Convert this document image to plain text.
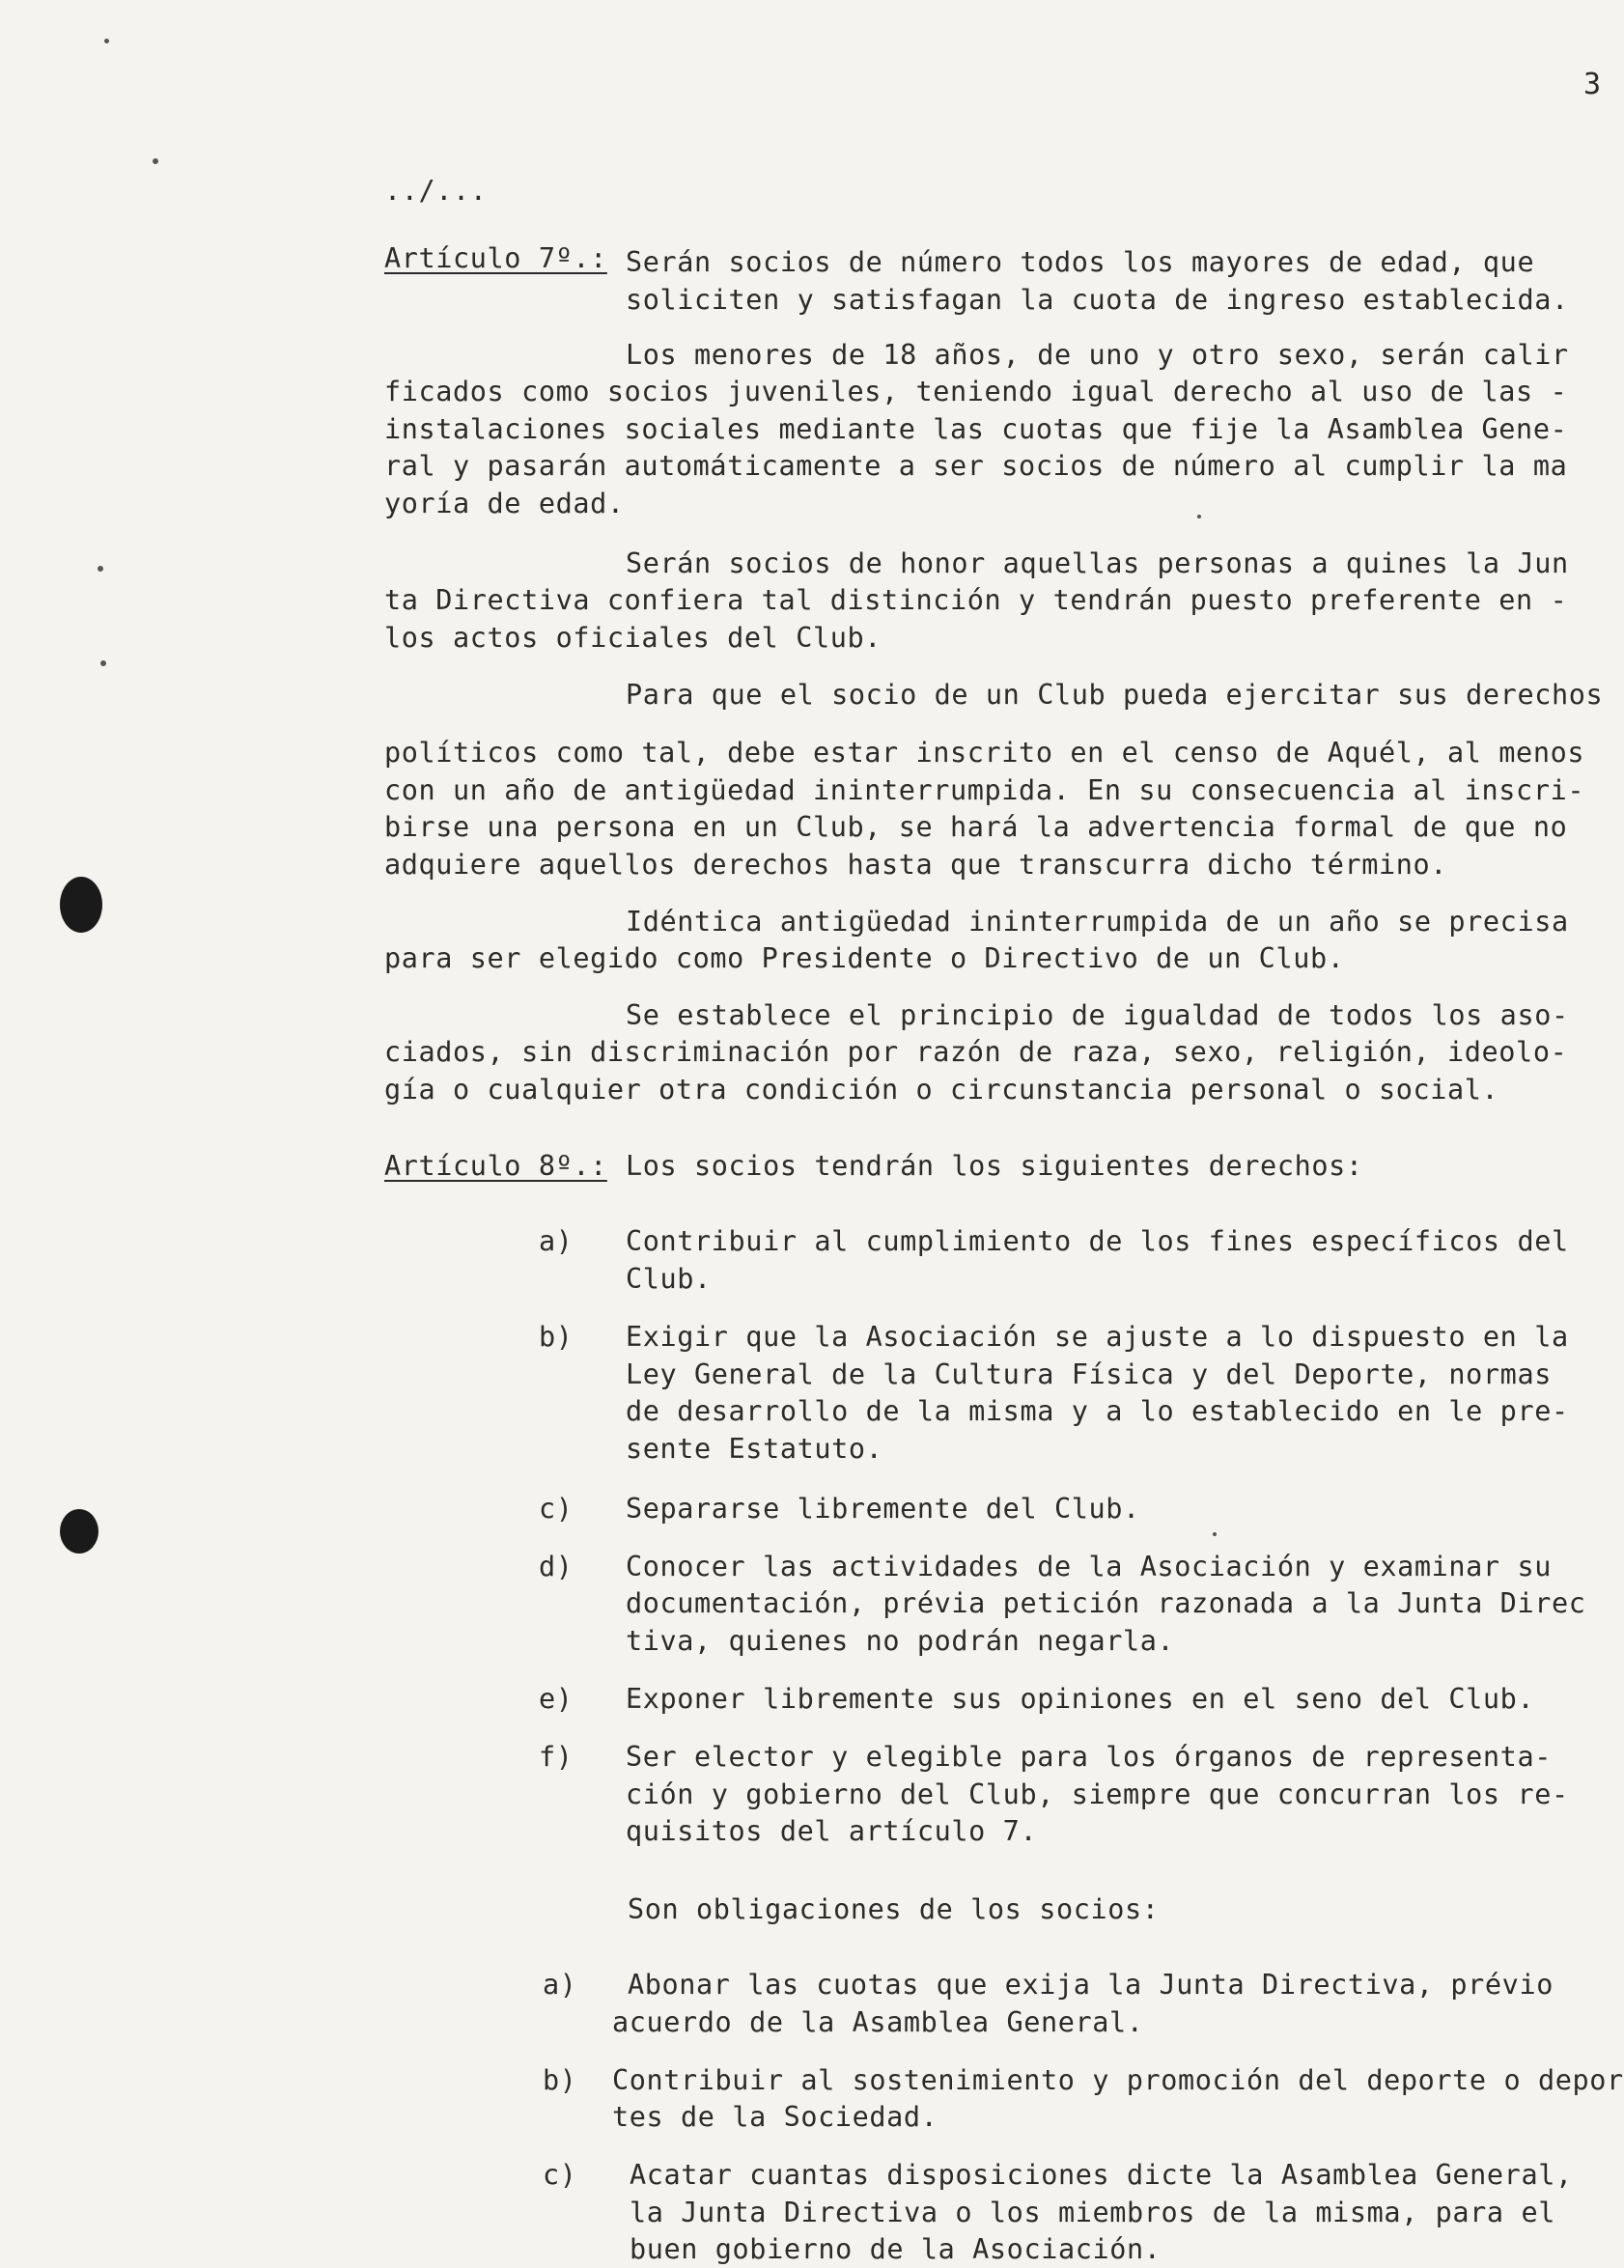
3
../...
Artículo 7º.: Serán socios de número todos los mayores de edad, que
soliciten y satisfagan la cuota de ingreso establecida.
Los menores de 18 años, de uno y otro sexo, serán calir
ficados como socios juveniles, teniendo igual derecho al uso de las -
instalaciones sociales mediante las cuotas que fije la Asamblea Gene-
ral y pasarán automáticamente a ser socios de número al cumplir la ma
yoría de edad.
Serán socios de honor aquellas personas a quines la Jun
ta Directiva confiera tal distinción y tendrán puesto preferente en -
los actos oficiales del Club.
Para que el socio de un Club pueda ejercitar sus derechos
políticos como tal, debe estar inscrito en el censo de Aquél, al menos
con un año de antigüedad ininterrumpida. En su consecuencia al inscri-
birse una persona en un Club, se hará la advertencia formal de que no
adquiere aquellos derechos hasta que transcurra dicho término.
Idéntica antigüedad ininterrumpida de un año se precisa
para ser elegido como Presidente o Directivo de un Club.
Se establece el principio de igualdad de todos los aso-
ciados, sin discriminación por razón de raza, sexo, religión, ideolo-
gía o cualquier otra condición o circunstancia personal o social.
Artículo 8º.: Los socios tendrán los siguientes derechos:
a) Contribuir al cumplimiento de los fines específicos del
Club.
b) Exigir que la Asociación se ajuste a lo dispuesto en la
Ley General de la Cultura Física y del Deporte, normas
de desarrollo de la misma y a lo establecido en le pre-
sente Estatuto.
c) Separarse libremente del Club.
d) Conocer las actividades de la Asociación y examinar su
documentación, prévia petición razonada a la Junta Direc
tiva, quienes no podrán negarla.
e) Exponer libremente sus opiniones en el seno del Club.
f) Ser elector y elegible para los órganos de representa-
ción y gobierno del Club, siempre que concurran los re-
quisitos del artículo 7.
Son obligaciones de los socios:
a) Abonar las cuotas que exija la Junta Directiva, prévio
acuerdo de la Asamblea General.
b) Contribuir al sostenimiento y promoción del deporte o depor
tes de la Sociedad.
c) Acatar cuantas disposiciones dicte la Asamblea General,
la Junta Directiva o los miembros de la misma, para el
buen gobierno de la Asociación.
